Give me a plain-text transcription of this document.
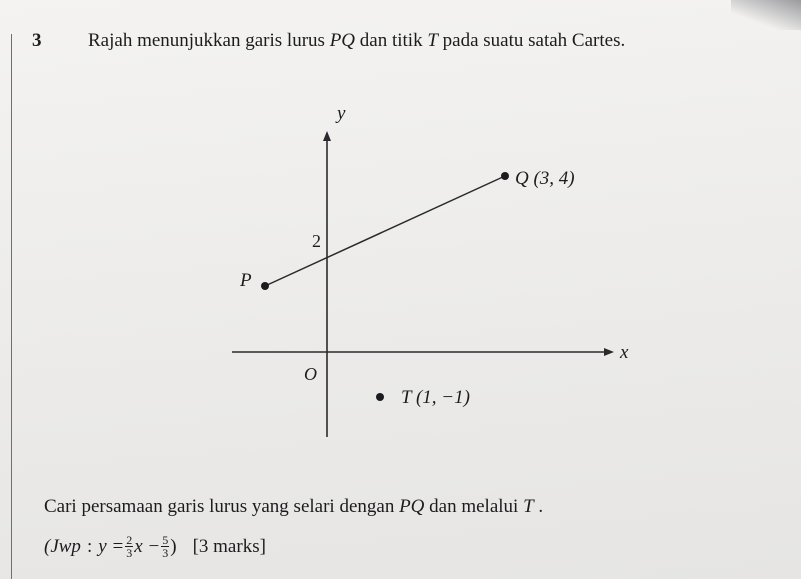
3 Rajah menunjukkan garis lurus PQ dan titik T pada suatu satah Cartes.
y
x
O
2
P
Q (3, 4)
T (1, −1)
Cari persamaan garis lurus yang selari dengan PQ dan melalui T .
(Jwp : $y = \frac{2}{3}$ $x - \frac{5}{3}$ ) [3 marks]
